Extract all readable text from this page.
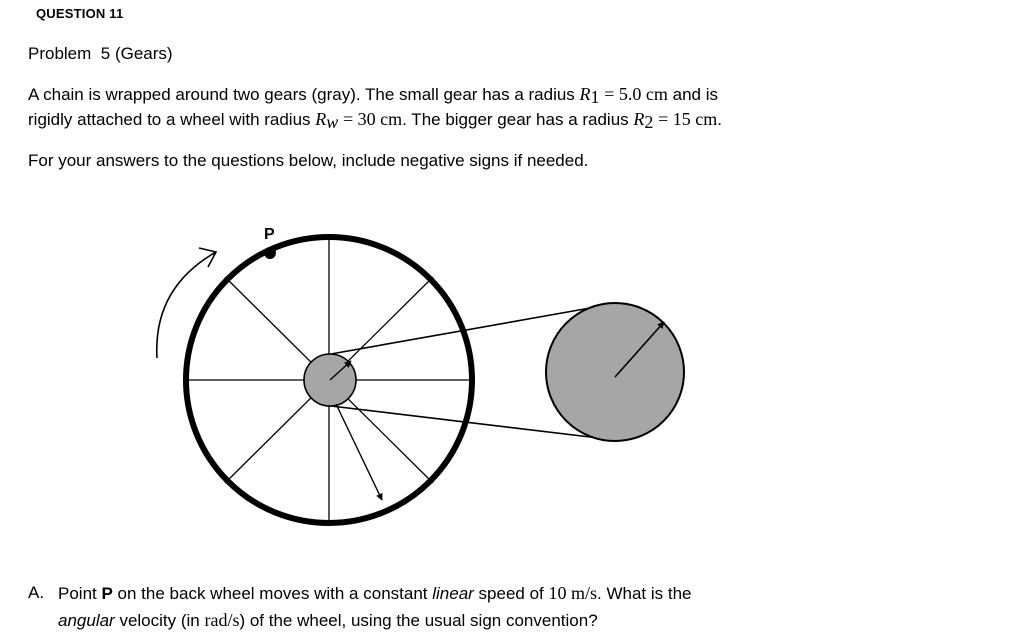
QUESTION 11
Problem 5 (Gears)
A chain is wrapped around two gears (gray). The small gear has a radius $R_1 = 5.0$ cm and is
rigidly attached to a wheel with radius $R_w = 30$ cm. The bigger gear has a radius $R_2 = 15$ cm.
For your answers to the questions below, include negative signs if needed.
P
A. Point P on the back wheel moves with a constant linear speed of 10 m/s. What is the
angular velocity (in rad/s) of the wheel, using the usual sign convention?
